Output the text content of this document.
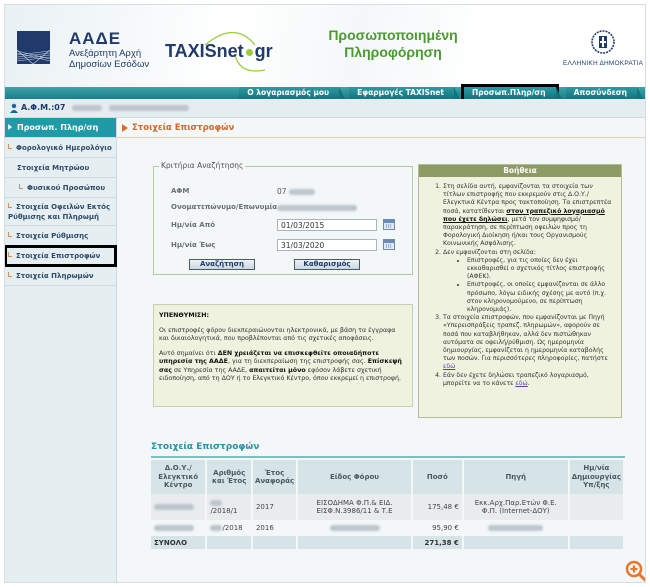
ΑΑΔΕ
Ανεξάρτητη Αρχή
Δημοσίων Εσόδων
TAXISnet gr
Προσωποποιημένη
Πληροφόρηση
ΕΛΛΗΝΙΚΗ ΔΗΜΟΚΡΑΤΙΑ
Ο λογαριασμός μου	Εφαρμογές TAXISnet	Προσωπ.Πληρ/ση	Αποσύνδεση
Α.Φ.Μ.:07
Προσωπ. Πληρ/ση
Φορολογικό Ημερολόγιο
Στοιχεία Μητρώου
Φυσικού Προσώπου
Στοιχεία Οφειλών Εκτός Ρύθμισης και Πληρωμή
Στοιχεία Ρύθμισης
Στοιχεία Επιστροφών
Στοιχεία Πληρωμών
Στοιχεία Επιστροφών
Κριτήρια Αναζήτησης
ΑΦΜ	07
Ονοματεπώνυμο/Επωνυμία
Ημ/νία Από
01/03/2015
Ημ/νία Έως
31/03/2020
Αναζήτηση	Καθαρισμός

ΥΠΕΝΘΥΜΙΣΗ:

Οι επιστροφές φόρου διεκπεραιώνονται ηλεκτρονικά, με βάση τα έγγραφα και δικαιολογητικά, που προβλέπονται από τις σχετικές αποφάσεις.

Αυτό σημαίνει ότι ΔΕΝ χρειάζεται να επισκεφθείτε οποιαδήποτε υπηρεσία της ΑΑΔΕ, για τη διεκπεραίωση της επιστροφής σας. Επίσκεψή σας σε Υπηρεσία της ΑΑΔΕ, απαιτείται μόνο εφόσον λάβετε σχετική ειδοποίηση, από τη ΔΟΥ ή το Ελεγκτικό Κέντρο, όπου εκκρεμεί η επιστροφή.

Βοήθεια
1. Στη σελίδα αυτή, εμφανίζονται τα στοιχεία των τίτλων επιστροφής που εκκρεμούν στις Δ.Ο.Υ./ Ελεγκτικά Κέντρα προς τακτοποίηση. Τα επιστρεπτέα ποσά, κατατίθενται στον τραπεζικό λογαριασμό που έχετε δηλώσει, μετά τον συμψηφισμό/ παρακράτηση, σε περίπτωση οφειλών προς τη Φορολογική Διοίκηση ή/και τους Οργανισμούς Κοινωνικής Ασφάλισης.
2. Δεν εμφανίζονται στη σελίδα:
• Επιστροφές, για τις οποίες δεν έχει εκκαθαρισθεί ο σχετικός τίτλος επιστροφής (ΑΦΕΚ).
• Επιστροφές, οι οποίες εμφανίζονται σε άλλο πρόσωπο, λόγω ειδικής σχέσης με αυτό (π.χ. στον κληρονομούμενο, σε περίπτωση κληρονομιάς).
3. Τα στοιχεία επιστροφών, που εμφανίζονται με Πηγή «Υπερεισπράξεις τραπεζ. πληρωμών», αφορούν σε ποσά που καταβλήθηκαν, αλλά δεν πιστώθηκαν αυτόματα σε οφειλή/ρύθμιση. Ως ημερομηνία δημιουργίας, εμφανίζεται η ημερομηνία καταβολής των ποσών. Για περισσότερες πληροφορίες, πατήστε εδώ
4. Εάν δεν έχετε δηλώσει τραπεζικό λογαριασμό, μπορείτε να το κάνετε εδώ.
Στοιχεία Επιστροφών
Δ.Ο.Υ./ Ελεγκτικό Κέντρο	Αριθμός και Έτος	Έτος Αναφοράς	Είδος Φόρου	Ποσό	Πηγή	Ημ/νία Δημιουργίας Υπ/ξης
	/2018/1	2017	ΕΙΣΟΔΗΜΑ Φ.Π.& ΕΙΔ. ΕΙΣΦ.Ν.3986/11 & Τ.Ε	175,48 €	Εκκ.Αρχ.Παρ.Ετών Φ.Ε. Φ.Π. (Internet-ΔΟΥ)	
	/2018	2016		95,90 €		
ΣΥΝΟΛΟ				271,38 €		
